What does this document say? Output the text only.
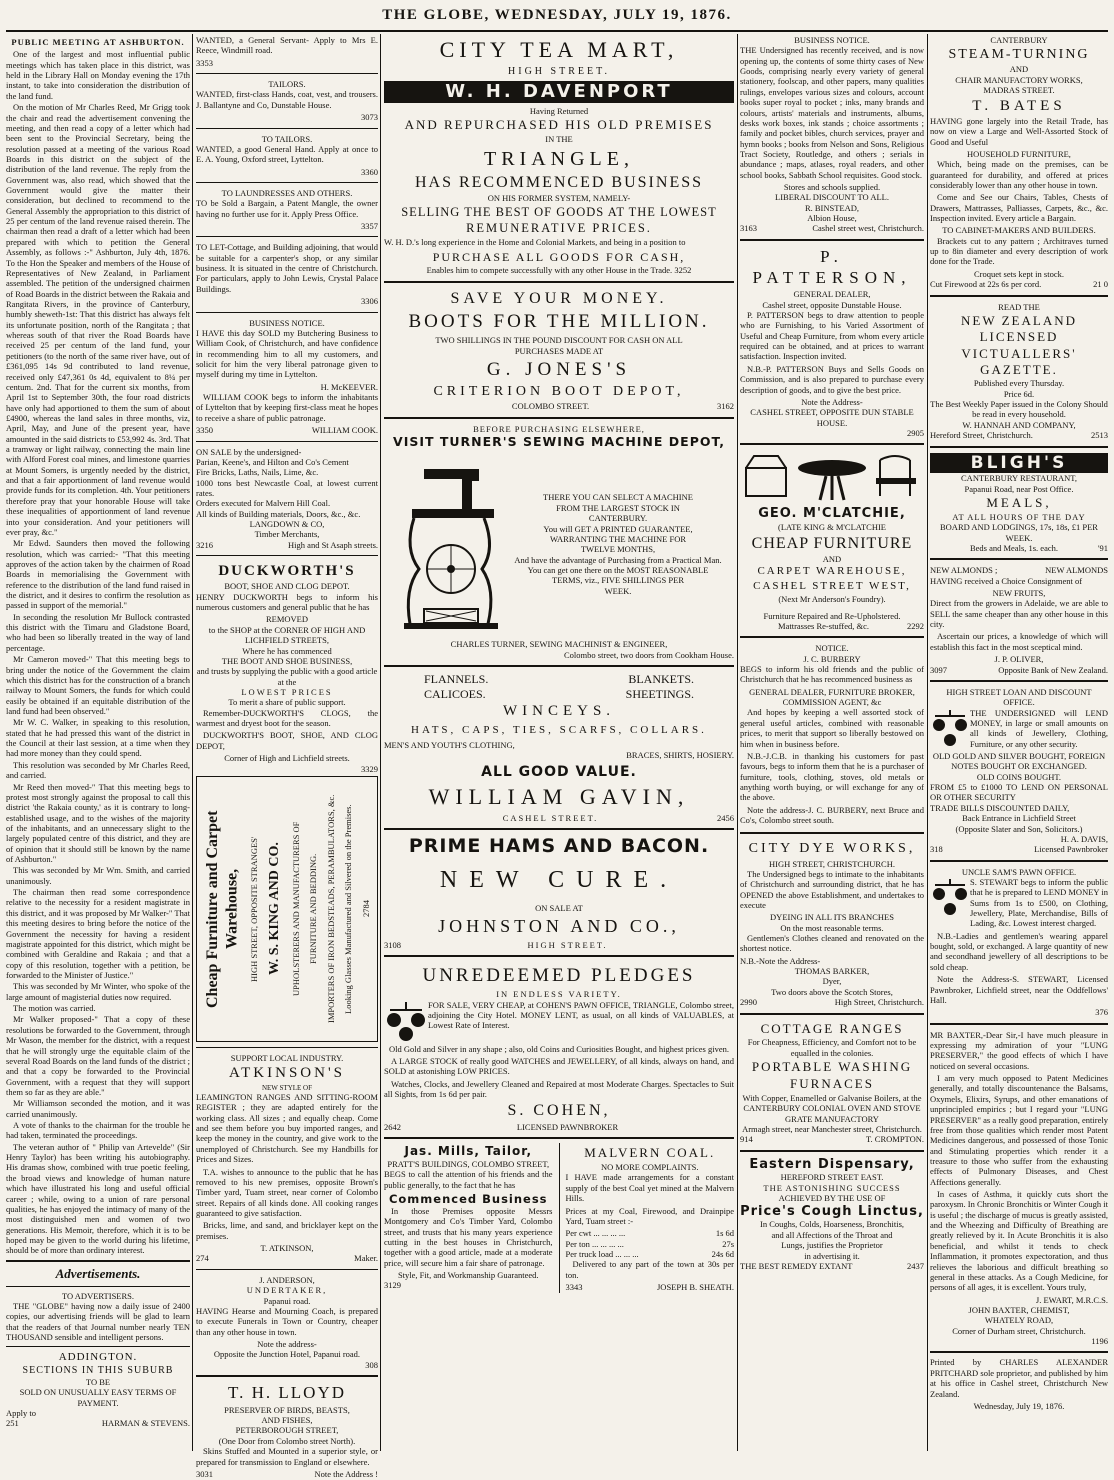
THE GLOBE, WEDNESDAY, JULY 19, 1876.
PUBLIC MEETING AT ASHBURTON.
One of the largest and most influential public meetings which has taken place in this district, was held in the Library Hall on Monday evening the 17th instant, to take into consideration the distribution of the land fund.
On the motion of Mr Charles Reed, Mr Grigg took the chair and read the advertisement convening the meeting, and then read a copy of a letter which had been sent to the Provincial Secretary, being the resolution passed at a meeting of the various Road Boards in this district on the subject of the distribution of the land revenue. The reply from the Government was, also read, which showed that the Government would give the matter their consideration, but declined to recommend to the General Assembly the appropriation to this district of 25 per centum of the land revenue raised therein. The chairman then read a draft of a letter which had been prepared with which to petition the General Assembly, as follows :-" Ashburton, July 4th, 1876. To the Hon the Speaker and members of the House of Representatives of New Zealand, in Parliament assembled. The petition of the undersigned chairmen of Road Boards in the district between the Rakaia and Rangitata Rivers, in the province of Canterbury, humbly sheweth-1st: That this district has always felt its unfortunate position, north of the Rangitata ; that whereas south of that river the Road Boards have received 25 per centum of the land fund, your petitioners (to the north of the same river have, out of £361,095 14s 9d contributed to land revenue, received only £47,361 0s 4d, equivalent to 8¼ per centum. 2nd. That for the current six months, from April 1st to September 30th, the four road districts have only had apportioned to them the sum of about £4900, whereas the land sales in three months, viz, April, May, and June of the present year, have amounted in the said districts to £53,992 4s. 3rd. That a tramway or light railway, connecting the main line with Alford Forest coal mines, and limestone quarries at Mount Somers, is urgently needed by the district, and that a fair apportionment of land revenue would provide funds for its completion. 4th. Your petitioners therefore pray that your honorable House will take these inequalities of apportionment of land revenue into your consideration. And your petitioners will ever pray, &c."
Mr Edwd. Saunders then moved the following resolution, which was carried:- "That this meeting approves of the action taken by the chairmen of Road Boards in memorialising the Government with reference to the distribution of the land fund raised in the district, and it desires to confirm the resolution as passed in support of the memorial."
In seconding the resolution Mr Bullock contrasted this district with the Timaru and Gladstone Board, who had been so liberally treated in the way of land percentage.
Mr Cameron moved-" That this meeting begs to bring under the notice of the Government the claim which this district has for the construction of a branch railway to Mount Somers, the funds for which could easily be obtained if an equitable distribution of the land fund had been observed."
Mr W. C. Walker, in speaking to this resolution, stated that he had pressed this want of the district in the Council at their last session, at a time when they had more money than they could spend.
This resolution was seconded by Mr Charles Reed, and carried.
Mr Reed then moved-" That this meeting begs to protest most strongly against the proposal to call this district 'the Rakaia county,' as it is contrary to long-established usage, and to the wishes of the majority of the inhabitants, and an unnecessary slight to the largely populated centre of this district, and they are of opinion that it should still be known by the name of Ashburton."
This was seconded by Mr Wm. Smith, and carried unanimously.
The chairman then read some correspondence relative to the necessity for a resident magistrate in this district, and it was proposed by Mr Walker-" That this meeting desires to bring before the notice of the Government the necessity for having a resident magistrate appointed for this district, which might be combined with Geraldine and Rakaia ; and that a copy of this resolution, together with a petition, be forwarded to the Minister of Justice."
This was seconded by Mr Winter, who spoke of the large amount of magisterial duties now required.
The motion was carried.
Mr Walker proposed-" That a copy of these resolutions be forwarded to the Government, through Mr Wason, the member for the district, with a request that he will strongly urge the equitable claim of the several Road Boards on the land funds of the district ; and that a copy be forwarded to the Provincial Government, with a request that they will support them so far as they are able."
Mr Williamson seconded the motion, and it was carried unanimously.
A vote of thanks to the chairman for the trouble he had taken, terminated the proceedings.
The veteran author of " Philip van Artevelde" (Sir Henry Taylor) has been writing his autobiography. His dramas show, combined with true poetic feeling, the broad views and knowledge of human nature which have illustrated his long and useful official career ; while, owing to a union of rare personal qualities, he has enjoyed the intimacy of many of the most distinguished men and women of two generations. His Memoir, therefore, which it is to be hoped may be given to the world during his lifetime, should be of more than ordinary interest.
Advertisements.
TO ADVERTISERS.

THE "GLOBE" having now a daily issue of 2400 copies, our advertising friends will be glad to learn that the readers of that Journal number nearly TEN THOUSAND sensible and intelligent persons.

ADDINGTON.
SECTIONS IN THIS SUBURB
TO BE
SOLD ON UNUSUALLY EASY TERMS OF PAYMENT.
Apply to
251	HARMAN & STEVENS.

WANTED, a General Servant- Apply to Mrs E. Reece, Windmill road.

3353
TAILORS.

WANTED, first-class Hands, coat, vest, and trousers. J. Ballantyne and Co, Dunstable House.

3073
TO TAILORS.

WANTED, a good General Hand. Apply at once to E. A. Young, Oxford street, Lyttelton.

3360
TO LAUNDRESSES AND OTHERS.

TO be Sold a Bargain, a Patent Mangle, the owner having no further use for it. Apply Press Office.

3357

TO LET-Cottage, and Building adjoining, that would be suitable for a carpenter's shop, or any similar business. It is situated in the centre of Christchurch. For particulars, apply to John Lewis, Crystal Palace Buildings.

3306
BUSINESS NOTICE.

I HAVE this day SOLD my Butchering Business to William Cook, of Christchurch, and have confidence in recommending him to all my customers, and solicit for him the very liberal patronage given to myself during my time in Lyttelton.

H. McKEEVER.

WILLIAM COOK begs to inform the inhabitants of Lyttelton that by keeping first-class meat he hopes to receive a share of public patronage.

3350	WILLIAM COOK.
ON SALE by the undersigned-
Parian, Keene's, and Hilton and Co's Cement
Fire Bricks, Laths, Nails, Lime, &c.
1000 tons best Newcastle Coal, at lowest current rates.
Orders executed for Malvern Hill Coal.
All kinds of Building materials, Doors, &c., &c.
LANGDOWN & CO,
Timber Merchants,
3216	High and St Asaph streets.
DUCKWORTH'S
BOOT, SHOE AND CLOG DEPOT.

HENRY DUCKWORTH begs to inform his numerous customers and general public that he has

REMOVED
to the SHOP at the CORNER OF HIGH AND LICHFIELD STREETS,
Where he has commenced
THE BOOT AND SHOE BUSINESS,
and trusts by supplying the public with a good article at the
LOWEST PRICES
To merit a share of public support.

Remember-DUCKWORTH'S CLOGS, the warmest and dryest boot for the season.

DUCKWORTH'S BOOT, SHOE, AND CLOG DEPOT,

Corner of High and Lichfield streets.
3329
Cheap Furniture and Carpet Warehouse, HIGH STREET, OPPOSITE STRANGES' W. S. KING AND CO. UPHOLSTERERS AND MANUFACTURERS OF FURNITURE AND BEDDING. IMPORTERS OF IRON BEDSTEADS, PERAMBULATORS, &c. Looking Glasses Manufactured and Silvered on the Premises. 2784
SUPPORT LOCAL INDUSTRY.
ATKINSON'S
NEW STYLE OF

LEAMINGTON RANGES AND SITTING-ROOM REGISTER ; they are adapted entirely for the working class. All sizes ; and equally cheap. Come and see them before you buy imported ranges, and keep the money in the country, and give work to the unemployed of Christchurch. See my Handbills for Prices and Sizes.

T.A. wishes to announce to the public that he has removed to his new premises, opposite Brown's Timber yard, Tuam street, near corner of Colombo street. Repairs of all kinds done. All cooking ranges guaranteed to give satisfaction.

Bricks, lime, and sand, and bricklayer kept on the premises.

T. ATKINSON,
274	Maker.
J. ANDERSON,
UNDERTAKER,
Papanui road.

HAVING Hearse and Mourning Coach, is prepared to execute Funerals in Town or Country, cheaper than any other house in town.

Note the address-
Opposite the Junction Hotel, Papanui road.
308
T. H. LLOYD
PRESERVER OF BIRDS, BEASTS,
AND FISHES,
PETERBOROUGH STREET,
(One Door from Colombo street North).

Skins Stuffed and Mounted in a superior style, or prepared for transmission to England or elsewhere.

3031	Note the Address !
CITY TEA MART,
HIGH STREET.
W. H. DAVENPORT
Having Returned
AND REPURCHASED HIS OLD PREMISES
IN THE
TRIANGLE,
HAS RECOMMENCED BUSINESS
ON HIS FORMER SYSTEM, NAMELY-
SELLING THE BEST OF GOODS AT THE LOWEST
REMUNERATIVE PRICES.

W. H. D.'s long experience in the Home and Colonial Markets, and being in a position to

PURCHASE ALL GOODS FOR CASH,
Enables him to compete successfully with any other House in the Trade. 3252
SAVE YOUR MONEY.
BOOTS FOR THE MILLION.
TWO SHILLINGS IN THE POUND DISCOUNT FOR CASH ON ALL
PURCHASES MADE AT
G. JONES'S
CRITERION BOOT DEPOT,
COLOMBO STREET.	3162
BEFORE PURCHASING ELSEWHERE,
VISIT TURNER'S SEWING MACHINE DEPOT,
THERE YOU CAN SELECT A MACHINE
FROM THE LARGEST STOCK IN
CANTERBURY.
You will GET A PRINTED GUARANTEE,
WARRANTING THE MACHINE FOR
TWELVE MONTHS,
And have the advantage of Purchasing from a Practical Man.
You can get one there on the MOST REASONABLE
TERMS, viz., FIVE SHILLINGS PER
WEEK.
CHARLES TURNER, SEWING MACHINIST & ENGINEER,
Colombo street, two doors from Cookham House.
FLANNELS.	BLANKETS.
CALICOES.	SHEETINGS.
WINCEYS.
HATS, CAPS, TIES, SCARFS, COLLARS.
MEN'S AND YOUTH'S CLOTHING,
BRACES, SHIRTS, HOSIERY.
ALL GOOD VALUE.
WILLIAM GAVIN,
CASHEL STREET.	2456
PRIME HAMS AND BACON.
NEW CURE.
ON SALE AT
JOHNSTON AND CO.,
3108	HIGH STREET.
UNREDEEMED PLEDGES
IN ENDLESS VARIETY.

FOR SALE, VERY CHEAP, at COHEN'S PAWN OFFICE, TRIANGLE, Colombo street, adjoining the City Hotel. MONEY LENT, as usual, on all kinds of VALUABLES, at Lowest Rate of Interest.

Old Gold and Silver in any shape ; also, old Coins and Curiosities Bought, and highest prices given.

A LARGE STOCK of really good WATCHES and JEWELLERY, of all kinds, always on hand, and SOLD at astonishing LOW PRICES.

Watches, Clocks, and Jewellery Cleaned and Repaired at most Moderate Charges. Spectacles to Suit all Sights, from 1s 6d per pair.

S. COHEN,
2642	LICENSED PAWNBROKER
Jas. Mills, Tailor,
PRATT'S BUILDINGS, COLOMBO STREET,

BEGS to call the attention of his friends and the public generally, to the fact that he has

Commenced Business

In those Premises opposite Messrs Montgomery and Co's Timber Yard, Colombo street, and trusts that his many years experience cutting in the best houses in Christchurch, together with a good article, made at a moderate price, will secure him a fair share of patronage.

Style, Fit, and Workmanship Guaranteed.
3129
MALVERN COAL.
NO MORE COMPLAINTS.

I HAVE made arrangements for a constant supply of the best Coal yet mined at the Malvern Hills.

Prices at my Coal, Firewood, and Drainpipe Yard, Tuam street :-

Per cwt ... ... ... ...	1s 6d
Per ton ... ... ... ...	27s
Per truck load ... ... ...	24s 6d

Delivered to any part of the town at 30s per ton.

3343	JOSEPH B. SHEATH.
BUSINESS NOTICE.

THE Undersigned has recently received, and is now opening up, the contents of some thirty cases of New Goods, comprising nearly every variety of general stationery, foolscap, and other papers, many qualities rulings, envelopes various sizes and colours, account books super royal to pocket ; inks, many brands and colours, artists' materials and instruments, albums, desks work boxes, ink stands ; choice assortments ; family and pocket bibles, church services, prayer and hymn books ; books from Nelson and Sons, Religious Tract Society, Routledge, and others ; serials in abundance ; maps, atlases, royal readers, and other school books, Sabbath School requisites. Good stock.

Stores and schools supplied.
LIBERAL DISCOUNT TO ALL.
R. BINSTEAD,
Albion House,
3163	Cashel street west, Christchurch.
P. PATTERSON,
GENERAL DEALER,
Cashel street, opposite Dunstable House.

P. PATTERSON begs to draw attention to people who are Furnishing, to his Varied Assortment of Useful and Cheap Furniture, from whom every article required can be obtained, and at prices to warrant satisfaction. Inspection invited.

N.B.-P. PATTERSON Buys and Sells Goods on Commission, and is also prepared to purchase every description of goods, and to give the best price.

Note the Address-
CASHEL STREET, OPPOSITE DUN STABLE HOUSE.
2905
GEO. M'CLATCHIE,
(LATE KING & M'CLATCHIE
CHEAP FURNITURE
AND
CARPET WAREHOUSE,
CASHEL STREET WEST,
(Next Mr Anderson's Foundry).
Furniture Repaired and Re-Upholstered.
Mattrasses Re-stuffed, &c.	2292
NOTICE.
J. C. BURBERY

BEGS to inform his old friends and the public of Christchurch that he has recommenced business as

GENERAL DEALER, FURNITURE BROKER, COMMISSION AGENT, &c

And hopes by keeping a well assorted stock of general useful articles, combined with reasonable prices, to merit that support so liberally bestowed on him when in business before.

N.B.-J.C.B. in thanking his customers for past favours, begs to inform them that he is a purchaser of furniture, tools, clothing, stoves, old metals or anything worth buying, or will exchange for any of the above.

Note the address-J. C. BURBERY, next Bruce and Co's, Colombo street south.

CITY DYE WORKS,
HIGH STREET, CHRISTCHURCH.

The Undersigned begs to intimate to the inhabitants of Christchurch and surrounding district, that he has OPENED the above Establishment, and undertakes to execute

DYEING IN ALL ITS BRANCHES
On the most reasonable terms.

Gentlemen's Clothes cleaned and renovated on the shortest notice.

N.B.-Note the Address-
THOMAS BARKER,
Dyer,
Two doors above the Scotch Stores,
2990	High Street, Christchurch.
COTTAGE RANGES
For Cheapness, Efficiency, and Comfort not to be equalled in the colonies.
PORTABLE WASHING
FURNACES
With Copper, Enamelled or Galvanise Boilers, at the
CANTERBURY COLONIAL OVEN AND STOVE GRATE MANUFACTORY
Armagh street, near Manchester street, Christchurch.
914	T. CROMPTON.
Eastern Dispensary,
HEREFORD STREET EAST.
THE ASTONISHING SUCCESS
ACHIEVED BY THE USE OF
Price's Cough Linctus,
In Coughs, Colds, Hoarseness, Bronchitis,
and all Affections of the Throat and
Lungs, justifies the Proprietor
in advertising it.
THE BEST REMEDY EXTANT	2437
CANTERBURY
STEAM-TURNING
AND
CHAIR MANUFACTORY WORKS,
MADRAS STREET.
T. BATES

HAVING gone largely into the Retail Trade, has now on view a Large and Well-Assorted Stock of Good and Useful

HOUSEHOLD FURNITURE,

Which, being made on the premises, can be guaranteed for durability, and offered at prices considerably lower than any other house in town.

Come and See our Chairs, Tables, Chests of Drawers, Mattrasses, Palliasses, Carpets, &c., &c. Inspection invited. Every article a Bargain.

TO CABINET-MAKERS AND BUILDERS.

Brackets cut to any pattern ; Architraves turned up to 8in diameter and every description of work done for the Trade.

Croquet sets kept in stock.
Cut Firewood at 22s 6s per cord.	21 0
READ THE
NEW ZEALAND LICENSED
VICTUALLERS' GAZETTE.
Published every Thursday.
Price 6d.
The Best Weekly Paper issued in the Colony Should be read in every household.
W. HANNAH AND COMPANY,
Hereford Street, Christchurch.	2513
BLIGH'S
CANTERBURY RESTAURANT,
Papanui Road, near Post Office.
MEALS,
AT ALL HOURS OF THE DAY
BOARD AND LODGINGS, 17s, 18s, £1 PER WEEK.
Beds and Meals, 1s. each.	'91
NEW ALMONDS ;	NEW ALMONDS

HAVING received a Choice Consignment of

NEW FRUITS,

Direct from the growers in Adelaide, we are able to SELL the same cheaper than any other house in this city.

Ascertain our prices, a knowledge of which will establish this fact in the most sceptical mind.

J. P. OLIVER,
3097	Opposite Bank of New Zealand.
HIGH STREET LOAN AND DISCOUNT OFFICE.

THE UNDERSIGNED will LEND MONEY, in large or small amounts on all kinds of Jewellery, Clothing, Furniture, or any other security.

OLD GOLD AND SILVER BOUGHT, FOREIGN NOTES BOUGHT OR EXCHANGED.
OLD COINS BOUGHT.
FROM £5 to £1000 TO LEND ON PERSONAL OR OTHER SECURITY
TRADE BILLS DISCOUNTED DAILY,
Back Entrance in Lichfield Street
(Opposite Slater and Son, Solicitors.)
H. A. DAVIS,
318	Licensed Pawnbroker
UNCLE SAM'S PAWN OFFICE.

S. STEWART begs to inform the public that he is prepared to LEND MONEY in Sums from 1s to £500, on Clothing, Jewellery, Plate, Merchandise, Bills of Lading, &c. Lowest interest charged.

N.B.-Ladies and gentlemen's wearing apparel bought, sold, or exchanged. A large quantity of new and secondhand jewellery of all descriptions to be sold cheap.

Note the Address-S. STEWART, Licensed Pawnbroker, Lichfield street, near the Oddfellows' Hall.

376

MR BAXTER,-Dear Sir,-I have much pleasure in expressing my admiration of your "LUNG PRESERVER," the good effects of which I have noticed on several occasions.

I am very much opposed to Patent Medicines generally, and totally discountenance the Balsams, Oxymels, Elixirs, Syrups, and other emanations of unprincipled empirics ; but I regard your "LUNG PRESERVER" as a really good preparation, entirely free from those qualities which render most Patent Medicines dangerous, and possessed of those Tonic and Stimulating properties which render it a treasure to those who suffer from the exhausting effects of Pulmonary Diseases, and Chest Affections generally.

In cases of Asthma, it quickly cuts short the paroxysm. In Chronic Bronchitis or Winter Cough it is useful ; the discharge of mucus is greatly assisted, and the Wheezing and Difficulty of Breathing are greatly relieved by it. In Acute Bronchitis it is also beneficial, and whilst it tends to check Inflammation, it promotes expectoration, and thus relieves the laborious and difficult breathing so general in these attacks. As a Cough Medicine, for persons of all ages, it is excellent. Yours truly,

J. EWART, M.R.C.S.
JOHN BAXTER, CHEMIST,
WHATELY ROAD,
Corner of Durham street, Christchurch.
1196

Printed by CHARLES ALEXANDER PRITCHARD sole proprietor, and published by him at his office in Cashel street, Christchurch New Zealand.

Wednesday, July 19, 1876.
